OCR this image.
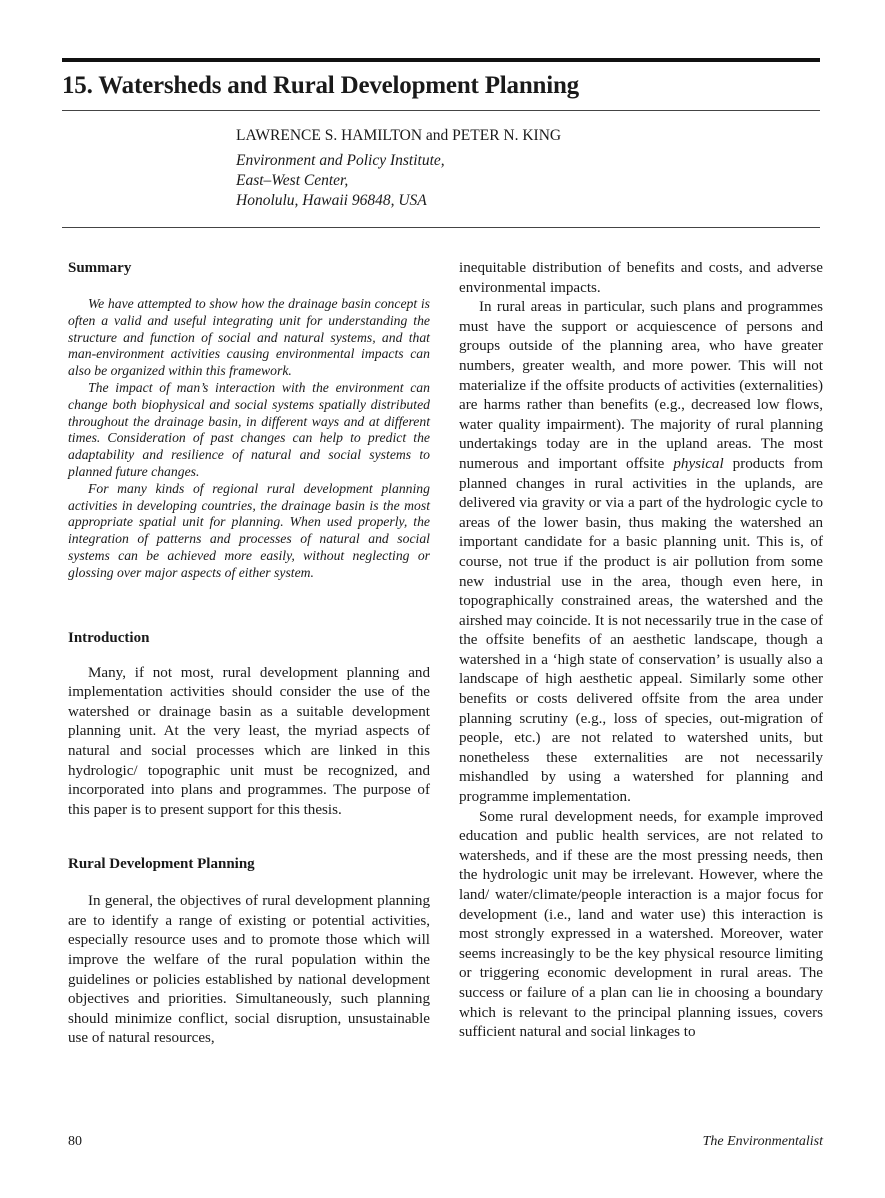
15. Watersheds and Rural Development Planning
LAWRENCE S. HAMILTON and PETER N. KING
Environment and Policy Institute,
East–West Center,
Honolulu, Hawaii 96848, USA
Summary

We have attempted to show how the drainage basin concept is often a valid and useful integrating unit for understanding the structure and function of social and natural systems, and that man-environment activities causing environmental impacts can also be organized within this framework.

The impact of man’s interaction with the environment can change both biophysical and social systems spatially distributed throughout the drainage basin, in different ways and at different times. Consideration of past changes can help to predict the adaptability and resilience of natural and social systems to planned future changes.

For many kinds of regional rural development planning activities in developing countries, the drainage basin is the most appropriate spatial unit for planning. When used properly, the integration of patterns and processes of natural and social systems can be achieved more easily, without neglecting or glossing over major aspects of either system.

Introduction

Many, if not most, rural development planning and implementation activities should consider the use of the watershed or drainage basin as a suitable development planning unit. At the very least, the myriad aspects of natural and social processes which are linked in this hydrologic/ topographic unit must be recognized, and incorporated into plans and programmes. The purpose of this paper is to present support for this thesis.

Rural Development Planning

In general, the objectives of rural development planning are to identify a range of existing or potential activities, especially resource uses and to promote those which will improve the welfare of the rural population within the guidelines or policies established by national development objectives and priorities. Simultaneously, such planning should minimize conflict, social disruption, unsustainable use of natural resources,

inequitable distribution of benefits and costs, and adverse environmental impacts.

In rural areas in particular, such plans and programmes must have the support or acquiescence of persons and groups outside of the planning area, who have greater numbers, greater wealth, and more power. This will not materialize if the offsite products of activities (externalities) are harms rather than benefits (e.g., decreased low flows, water quality impairment). The majority of rural planning undertakings today are in the upland areas. The most numerous and important offsite physical products from planned changes in rural activities in the uplands, are delivered via gravity or via a part of the hydrologic cycle to areas of the lower basin, thus making the watershed an important candidate for a basic planning unit. This is, of course, not true if the product is air pollution from some new industrial use in the area, though even here, in topographically constrained areas, the watershed and the airshed may coincide. It is not necessarily true in the case of the offsite benefits of an aesthetic landscape, though a watershed in a ‘high state of conservation’ is usually also a landscape of high aesthetic appeal. Similarly some other benefits or costs delivered offsite from the area under planning scrutiny (e.g., loss of species, out-migration of people, etc.) are not related to watershed units, but nonetheless these externalities are not necessarily mishandled by using a watershed for planning and programme implementation.

Some rural development needs, for example improved education and public health services, are not related to watersheds, and if these are the most pressing needs, then the hydrologic unit may be irrelevant. However, where the land/ water/climate/people interaction is a major focus for development (i.e., land and water use) this interaction is most strongly expressed in a watershed. Moreover, water seems increasingly to be the key physical resource limiting or triggering economic development in rural areas. The success or failure of a plan can lie in choosing a boundary which is relevant to the principal planning issues, covers sufficient natural and social linkages to

80	The Environmentalist
